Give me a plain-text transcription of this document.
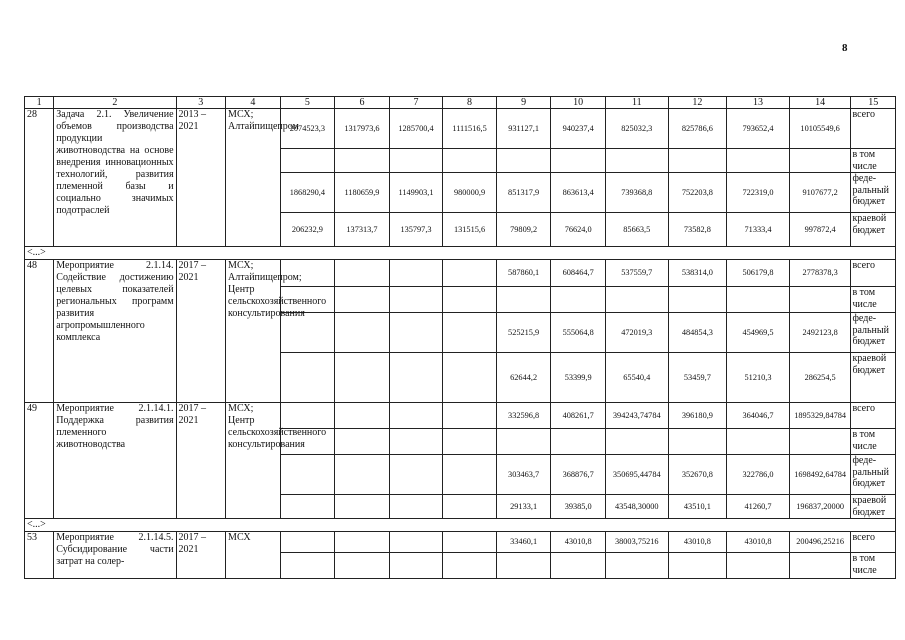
8
1	2	3	4	5	6	7	8	9	10	11	12	13	14	15
28	Задача 2.1. Увеличение объемов производства продукции животноводства на основе внедрения инновационных технологий, развития племенной базы и социально значимых подотраслей	2013 – 2021	МСХ; Алтайпищепром	2074523,3	1317973,6	1285700,4	1111516,5	931127,1	940237,4	825032,3	825786,6	793652,4	10105549,6	всего
														в том числе
				1868290,4	1180659,9	1149903,1	980000,9	851317,9	863613,4	739368,8	752203,8	722319,0	9107677,2	феде-ральный бюджет
				206232,9	137313,7	135797,3	131515,6	79809,2	76624,0	85663,5	73582,8	71333,4	997872,4	краевой бюджет
<...>														
48	Мероприятие 2.1.14. Содействие достижению целевых показателей региональных программ развития агропромышленного комплекса	2017 – 2021	МСХ; Алтайпищепром; Центр сельскохозяйственного консультирования					587860,1	608464,7	537559,7	538314,0	506179,8	2778378,3	всего
														в том числе
								525215,9	555064,8	472019,3	484854,3	454969,5	2492123,8	феде-ральный бюджет
								62644,2	53399,9	65540,4	53459,7	51210,3	286254,5	краевой бюджет
49	Мероприятие 2.1.14.1. Поддержка развития племенного животноводства	2017 – 2021	МСХ; Центр сельскохозяйственного консультирования					332596,8	408261,7	394243,74784	396180,9	364046,7	1895329,84784	всего
														в том числе
								303463,7	368876,7	350695,44784	352670,8	322786,0	1698492,64784	феде-ральный бюджет
								29133,1	39385,0	43548,30000	43510,1	41260,7	196837,20000	краевой бюджет
<...>														
53	Мероприятие 2.1.14.5. Субсидирование части затрат на солер-	2017 – 2021	МСХ					33460,1	43010,8	38003,75216	43010,8	43010,8	200496,25216	всего
														в том числе
